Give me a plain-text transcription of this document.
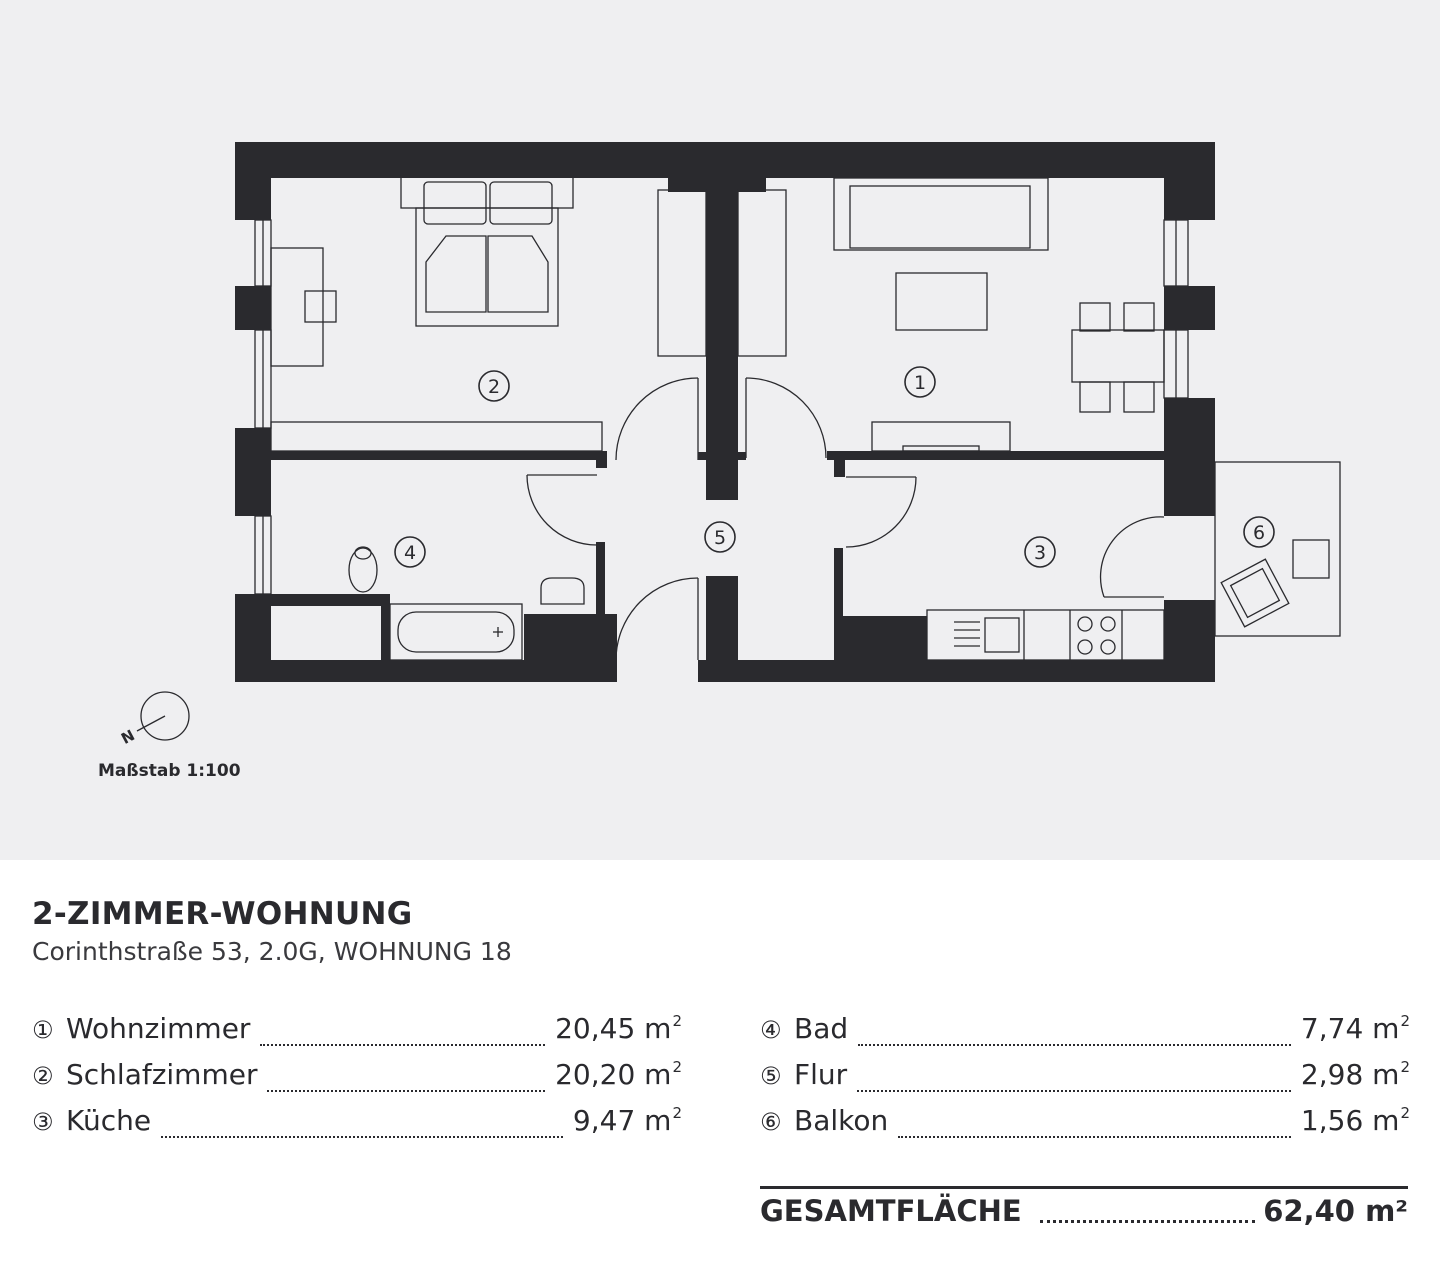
1
2
3
4
5	6
N
Maßstab 1:100
2-ZIMMER-WOHNUNG
Corinthstraße 53, 2.0G, WOHNUNG 18
① Wohnzimmer	20,45 $m^2$
② Schlafzimmer	20,20 $m^2$
③ Küche	9,47 $m^2$
④ Bad	7,74 $m^2$
⑤ Flur	2,98 $m^2$
⑥ Balkon	1,56 $m^2$
GESAMTFLÄCHE	62,40 m²
